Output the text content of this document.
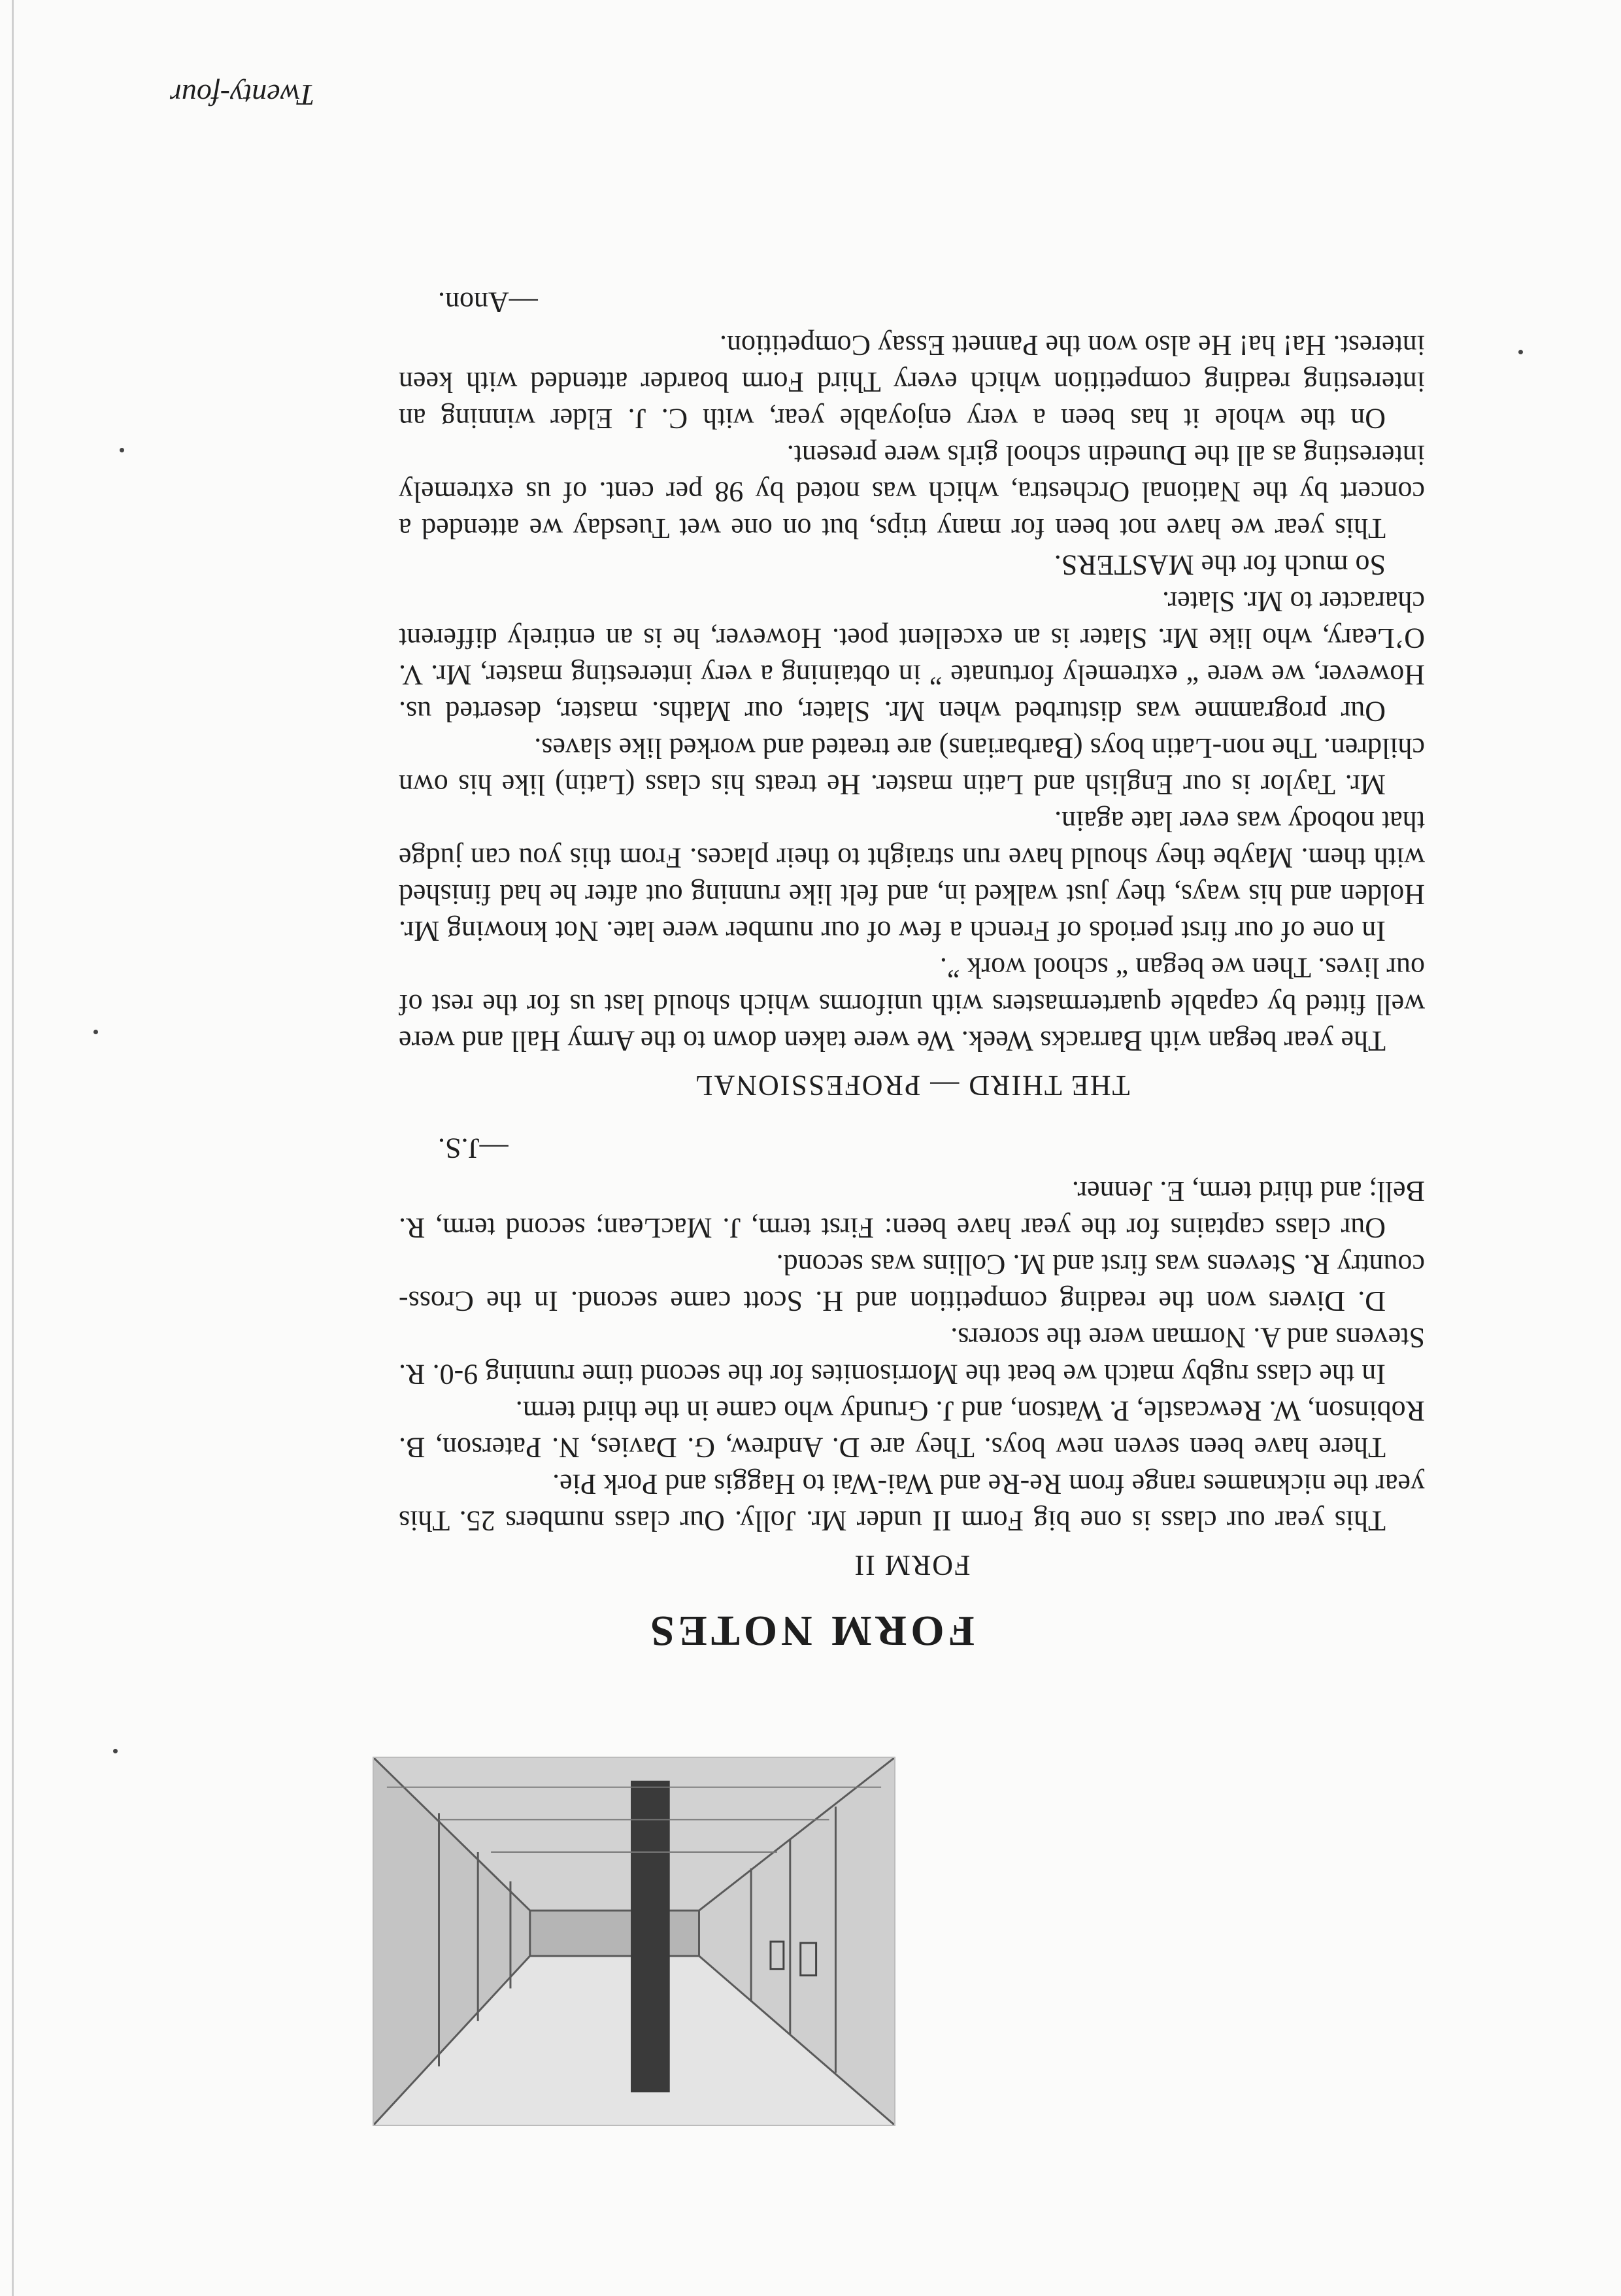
FORM NOTES
FORM II

This year our class is one big Form II under Mr. Jolly. Our class numbers 25. This year the nicknames range from Re-Re and Wai-Wai to Haggis and Pork Pie.

There have been seven new boys. They are D. Andrew, G. Davies, N. Paterson, B. Robinson, W. Rewcastle, P. Watson, and J. Grundy who came in the third term.

In the class rugby match we beat the Morrisonites for the second time running 9-0. R. Stevens and A. Norman were the scorers.

D. Divers won the reading competition and H. Scott came second. In the Cross-country R. Stevens was first and M. Collins was second.

Our class captains for the year have been: First term, J. MacLean; second term, R. Bell; and third term, E. Jenner.

—J.S.

THE THIRD — PROFESSIONAL

The year began with Barracks Week. We were taken down to the Army Hall and were well fitted by capable quartermasters with uniforms which should last us for the rest of our lives. Then we began “ school work ”.

In one of our first periods of French a few of our number were late. Not knowing Mr. Holden and his ways, they just walked in, and felt like running out after he had finished with them. Maybe they should have run straight to their places. From this you can judge that nobody was ever late again.

Mr. Taylor is our English and Latin master. He treats his class (Latin) like his own children. The non-Latin boys (Barbarians) are treated and worked like slaves.

Our programme was disturbed when Mr. Slater, our Maths. master, deserted us. However, we were “ extremely fortunate ” in obtaining a very interesting master, Mr. V. O’Leary, who like Mr. Slater is an excellent poet. However, he is an entirely different character to Mr. Slater.

So much for the MASTERS.

This year we have not been for many trips, but on one wet Tuesday we attended a concert by the National Orchestra, which was noted by 98 per cent. of us extremely interesting as all the Dunedin school girls were present.

On the whole it has been a very enjoyable year, with C. J. Elder winning an interesting reading competition which every Third Form boarder attended with keen interest. Ha! ha! He also won the Pannett Essay Competition.

—Anon.

Twenty-four
